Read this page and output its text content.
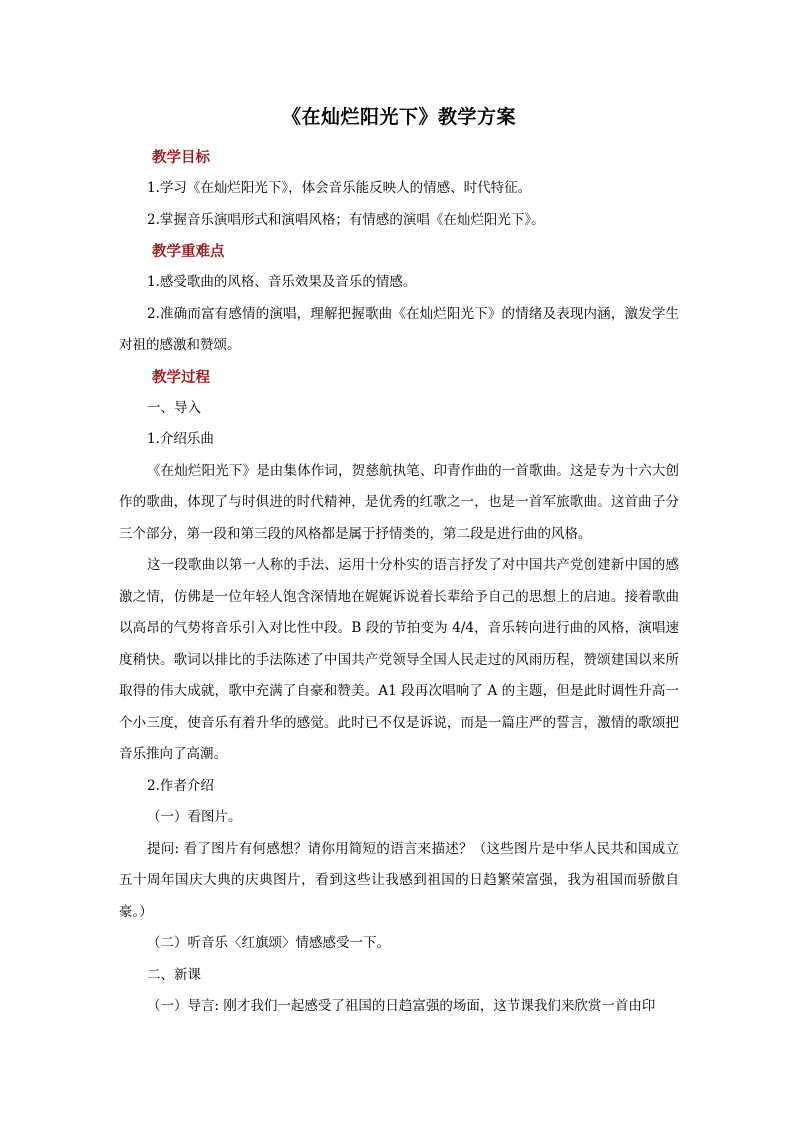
《在灿烂阳光下》教学方案

教学目标

1.学习《在灿烂阳光下》，体会音乐能反映人的情感、时代特征。

2.掌握音乐演唱形式和演唱风格；有情感的演唱《在灿烂阳光下》。

教学重难点

1.感受歌曲的风格、音乐效果及音乐的情感。

2.准确而富有感情的演唱，理解把握歌曲《在灿烂阳光下》的情绪及表现内涵，激发学生对祖的感激和赞颂。

教学过程

一、导入

1.介绍乐曲

《在灿烂阳光下》是由集体作词，贺慈航执笔、印青作曲的一首歌曲。这是专为十六大创作的歌曲，体现了与时俱进的时代精神，是优秀的红歌之一，也是一首军旅歌曲。这首曲子分三个部分，第一段和第三段的风格都是属于抒情类的，第二段是进行曲的风格。

这一段歌曲以第一人称的手法、运用十分朴实的语言抒发了对中国共产党创建新中国的感激之情，仿佛是一位年轻人饱含深情地在娓娓诉说着长辈给予自己的思想上的启迪。接着歌曲以高昂的气势将音乐引入对比性中段。B 段的节拍变为 4/4，音乐转向进行曲的风格，演唱速度稍快。歌词以排比的手法陈述了中国共产党领导全国人民走过的风雨历程，赞颂建国以来所取得的伟大成就，歌中充满了自豪和赞美。A1 段再次唱响了 A 的主题，但是此时调性升高一个小三度，使音乐有着升华的感觉。此时已不仅是诉说，而是一篇庄严的誓言，激情的歌颂把音乐推向了高潮。

2.作者介绍

（一）看图片。

提问: 看了图片有何感想？请你用简短的语言来描述？（这些图片是中华人民共和国成立五十周年国庆大典的庆典图片，看到这些让我感到祖国的日趋繁荣富强，我为祖国而骄傲自豪。）

（二）听音乐〈红旗颂〉情感感受一下。

二、新课

（一）导言: 刚才我们一起感受了祖国的日趋富强的场面，这节课我们来欣赏一首由印
